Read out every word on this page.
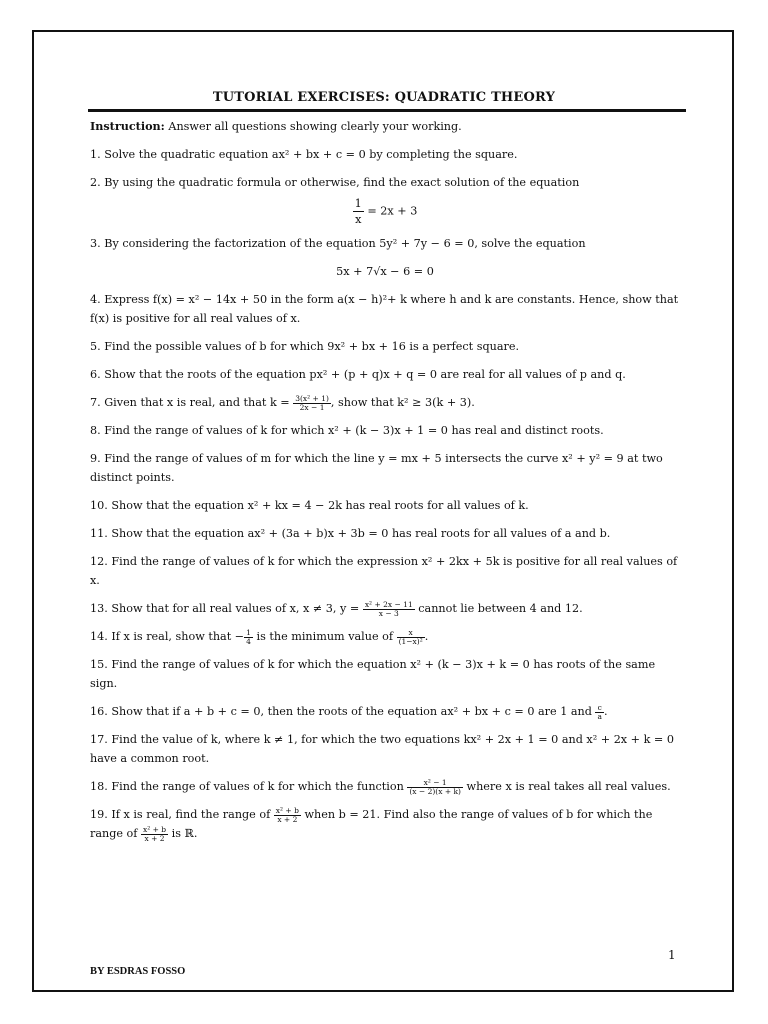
TUTORIAL EXERCISES: QUADRATIC THEORY

Instruction: Answer all questions showing clearly your working.

1. Solve the quadratic equation ax² + bx + c = 0 by completing the square.

2. By using the quadratic formula or otherwise, find the exact solution of the equation

$\frac{1}{x} = 2x + 3$

3. By considering the factorization of the equation 5y² + 7y − 6 = 0, solve the equation

5x + 7√x − 6 = 0

4. Express f(x) = x² − 14x + 50 in the form a(x − h)²+ k where h and k are constants. Hence, show that f(x) is positive for all real values of x.

5. Find the possible values of b for which 9x² + bx + 16 is a perfect square.

6. Show that the roots of the equation px² + (p + q)x + q = 0 are real for all values of p and q.

7. Given that x is real, and that $k = \frac{\text{3(x² + 1)}}{2x - 1}$ , show that k² ≥ 3(k + 3).

8. Find the range of values of k for which x² + (k − 3)x + 1 = 0 has real and distinct roots.

9. Find the range of values of m for which the line y = mx + 5 intersects the curve x² + y² = 9 at two distinct points.

10. Show that the equation x² + kx = 4 − 2k has real roots for all values of k.

11. Show that the equation ax² + (3a + b)x + 3b = 0 has real roots for all values of a and b.

12. Find the range of values of k for which the expression x² + 2kx + 5k is positive for all real values of x.

13. Show that for all real values of x, x ≠ 3, $y = \frac{\text{x² + 2x − 11}}{x - 3}$ cannot lie between 4 and 12.

14. If x is real, show that − $\frac{1}{4}$ is the minimum value of $\frac{x}{\text{(1−x)²}}$ .

15. Find the range of values of k for which the equation x² + (k − 3)x + k = 0 has roots of the same sign.

16. Show that if a + b + c = 0, then the roots of the equation ax² + bx + c = 0 are 1 and $\frac{c}{a}$ .

17. Find the value of k, where k ≠ 1, for which the two equations kx² + 2x + 1 = 0 and x² + 2x + k = 0 have a common root.

18. Find the range of values of k for which the function $\frac{\text{x² − 1}}{(x - 2)(x + k)}$ where x is real takes all real values.

19. If x is real, find the range of $\frac{\text{x² + b}}{x + 2}$ when b = 21. Find also the range of values of b for which the
range of $\frac{\text{x² + b}}{x + 2}$ is ℝ.

1
BY ESDRAS FOSSO
